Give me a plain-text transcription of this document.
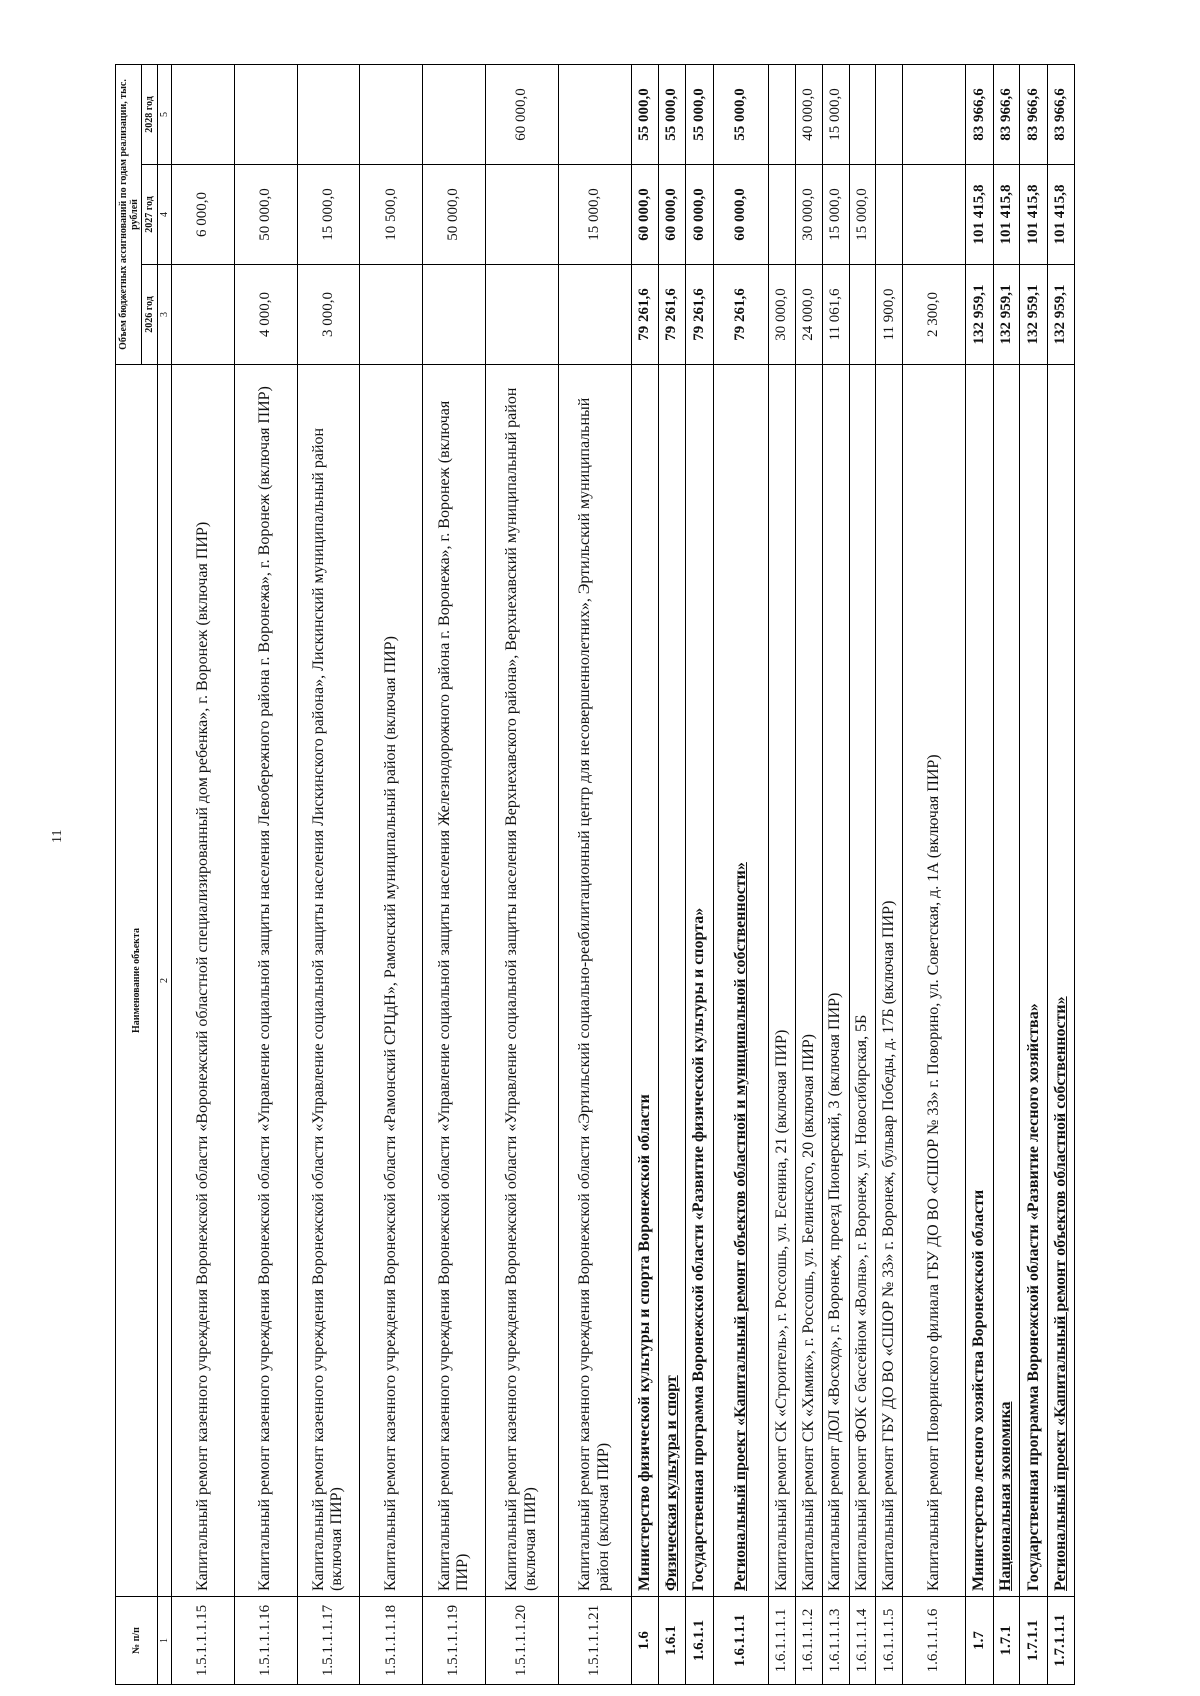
11
№ п/п	Наименование объекта	Объем бюджетных ассигнований по годам реализации, тыс. рублей		
		2026 год	2027 год	2028 год
1	2	3	4	5
1.5.1.1.1.15	Капитальный ремонт казенного учреждения Воронежской области «Воронежский областной специализированный дом ребенка», г. Воронеж (включая ПИР)		6 000,0	
1.5.1.1.1.16	Капитальный ремонт казенного учреждения Воронежской области «Управление социальной защиты населения Левобережного района г. Воронежа», г. Воронеж (включая ПИР)	4 000,0	50 000,0	
1.5.1.1.1.17	Капитальный ремонт казенного учреждения Воронежской области «Управление социальной защиты населения Лискинского района», Лискинский муниципальный район (включая ПИР)	3 000,0	15 000,0	
1.5.1.1.1.18	Капитальный ремонт казенного учреждения Воронежской области «Рамонский СРЦдН», Рамонский муниципальный район (включая ПИР)		10 500,0	
1.5.1.1.1.19	Капитальный ремонт казенного учреждения Воронежской области «Управление социальной защиты населения Железнодорожного района г. Воронежа», г. Воронеж (включая ПИР)		50 000,0	
1.5.1.1.1.20	Капитальный ремонт казенного учреждения Воронежской области «Управление социальной защиты населения Верхнехавского района», Верхнехавский муниципальный район (включая ПИР)			60 000,0
1.5.1.1.1.21	Капитальный ремонт казенного учреждения Воронежской области «Эртильский социально-реабилитационный центр для несовершеннолетних», Эртильский муниципальный район (включая ПИР)		15 000,0	
1.6	Министерство физической культуры и спорта Воронежской области	79 261,6	60 000,0	55 000,0
1.6.1	Физическая культура и спорт	79 261,6	60 000,0	55 000,0
1.6.1.1	Государственная программа Воронежской области «Развитие физической культуры и спорта»	79 261,6	60 000,0	55 000,0
1.6.1.1.1	Региональный проект «Капитальный ремонт объектов областной и муниципальной собственности»	79 261,6	60 000,0	55 000,0
1.6.1.1.1.1	Капитальный ремонт СК «Строитель», г. Россошь, ул. Есенина, 21 (включая ПИР)	30 000,0		
1.6.1.1.1.2	Капитальный ремонт СК «Химик», г. Россошь, ул. Белинского, 20 (включая ПИР)	24 000,0	30 000,0	40 000,0
1.6.1.1.1.3	Капитальный ремонт ДОЛ «Восход», г. Воронеж, проезд Пионерский, 3 (включая ПИР)	11 061,6	15 000,0	15 000,0
1.6.1.1.1.4	Капитальный ремонт ФОК с бассейном «Волна», г. Воронеж, ул. Новосибирская, 5Б		15 000,0	
1.6.1.1.1.5	Капитальный ремонт ГБУ ДО ВО «СШОР № 33» г. Воронеж, бульвар Победы, д. 17Б (включая ПИР)	11 900,0		
1.6.1.1.1.6	Капитальный ремонт Поворинского филиала ГБУ ДО ВО «СШОР № 33» г. Поворино, ул. Советская, д. 1А (включая ПИР)	2 300,0		
1.7	Министерство лесного хозяйства Воронежской области	132 959,1	101 415,8	83 966,6
1.7.1	Национальная экономика	132 959,1	101 415,8	83 966,6
1.7.1.1	Государственная программа Воронежской области «Развитие лесного хозяйства»	132 959,1	101 415,8	83 966,6
1.7.1.1.1	Региональный проект «Капитальный ремонт объектов областной собственности»	132 959,1	101 415,8	83 966,6
